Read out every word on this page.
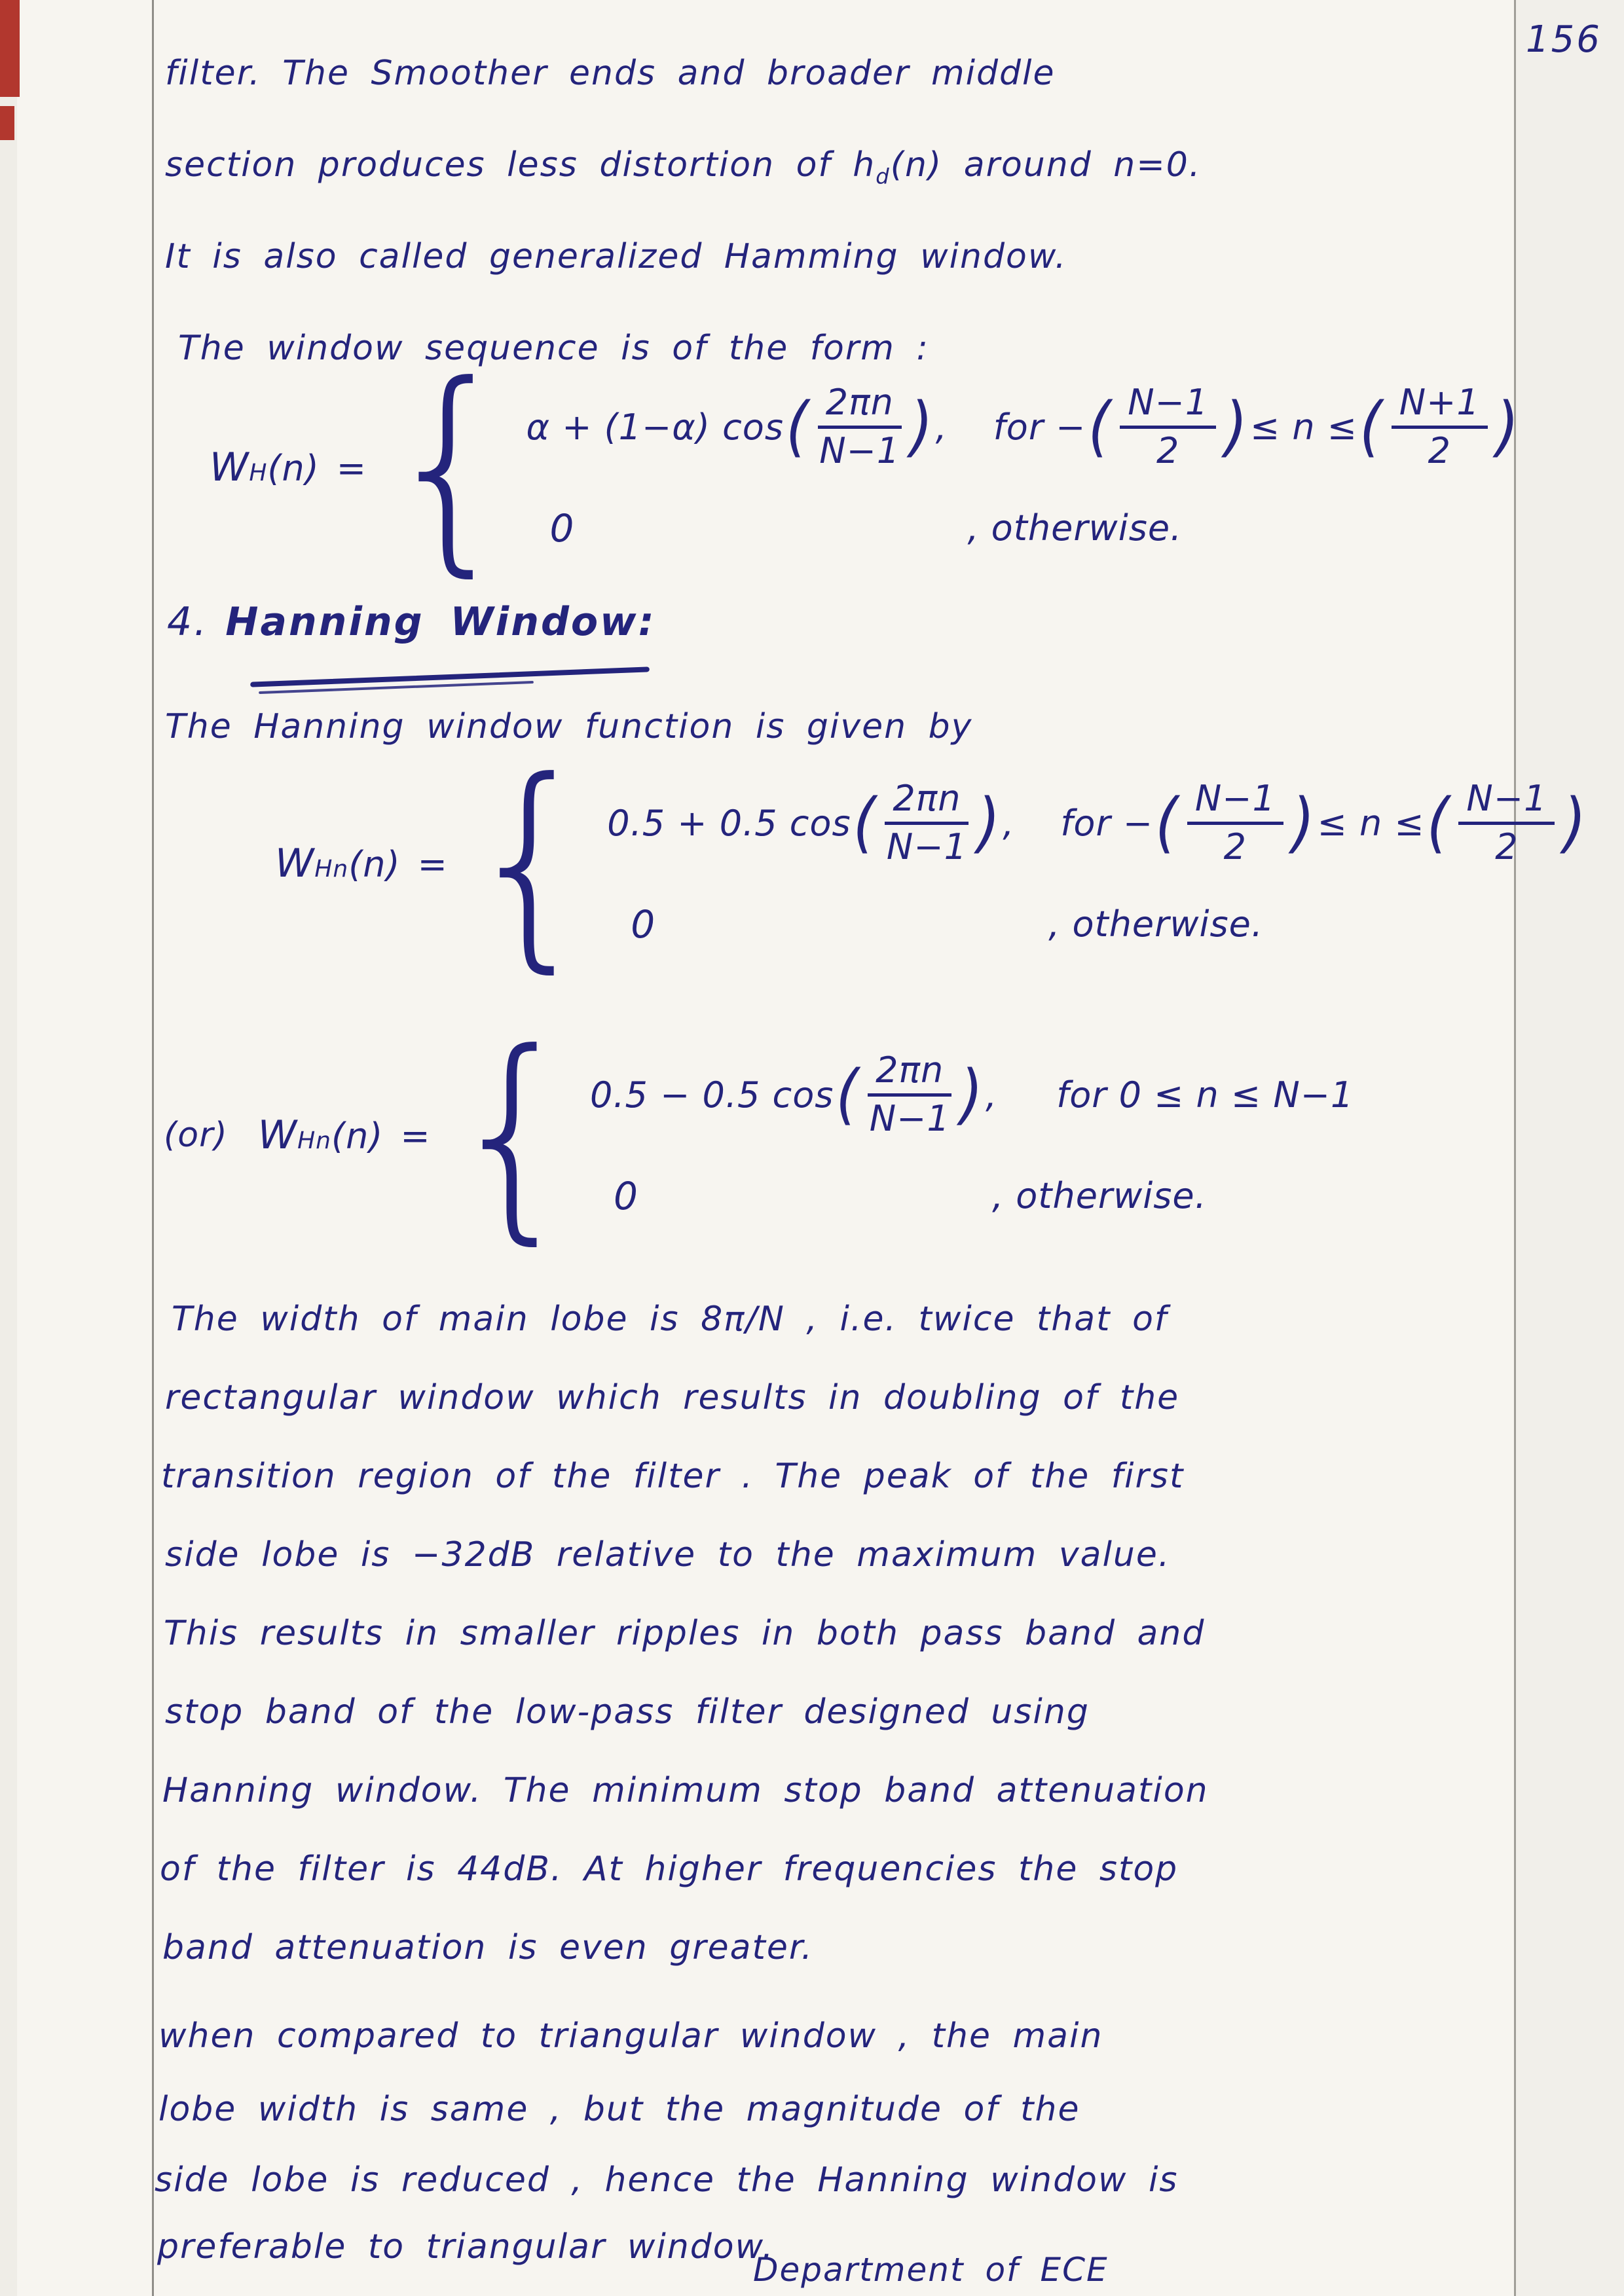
156
filter. The Smoother ends and broader middle
section produces less distortion of $h_d(n)$ around n=0.
It is also called generalized Hamming window.
The window sequence is of the form :
W H (n) = { α + (1−α) cos ( $\frac{2\pi n}{N-1}$ ) , for − ( $\frac{N-1}{2}$ ) ≤ n ≤ ( $\frac{N+1}{2}$ )
0	, otherwise.
4. Hanning Window:
The Hanning window function is given by
W Hn (n) = { 0.5 + 0.5 cos ( $\frac{2\pi n}{N-1}$ ) , for − ( $\frac{N-1}{2}$ ) ≤ n ≤ ( $\frac{N-1}{2}$ )
0	, otherwise.
(or) W Hn (n) = { 0.5 − 0.5 cos ( $\frac{2\pi n}{N-1}$ ) , for 0 ≤ n ≤ N−1
0	, otherwise.
The width of main lobe is 8π/N , i.e. twice that of
rectangular window which results in doubling of the
transition region of the filter . The peak of the first
side lobe is −32dB relative to the maximum value.
This results in smaller ripples in both pass band and
stop band of the low-pass filter designed using
Hanning window. The minimum stop band attenuation
of the filter is 44dB. At higher frequencies the stop
band attenuation is even greater.
when compared to triangular window , the main
lobe width is same , but the magnitude of the
side lobe is reduced , hence the Hanning window is
preferable to triangular window.
Department of ECE
